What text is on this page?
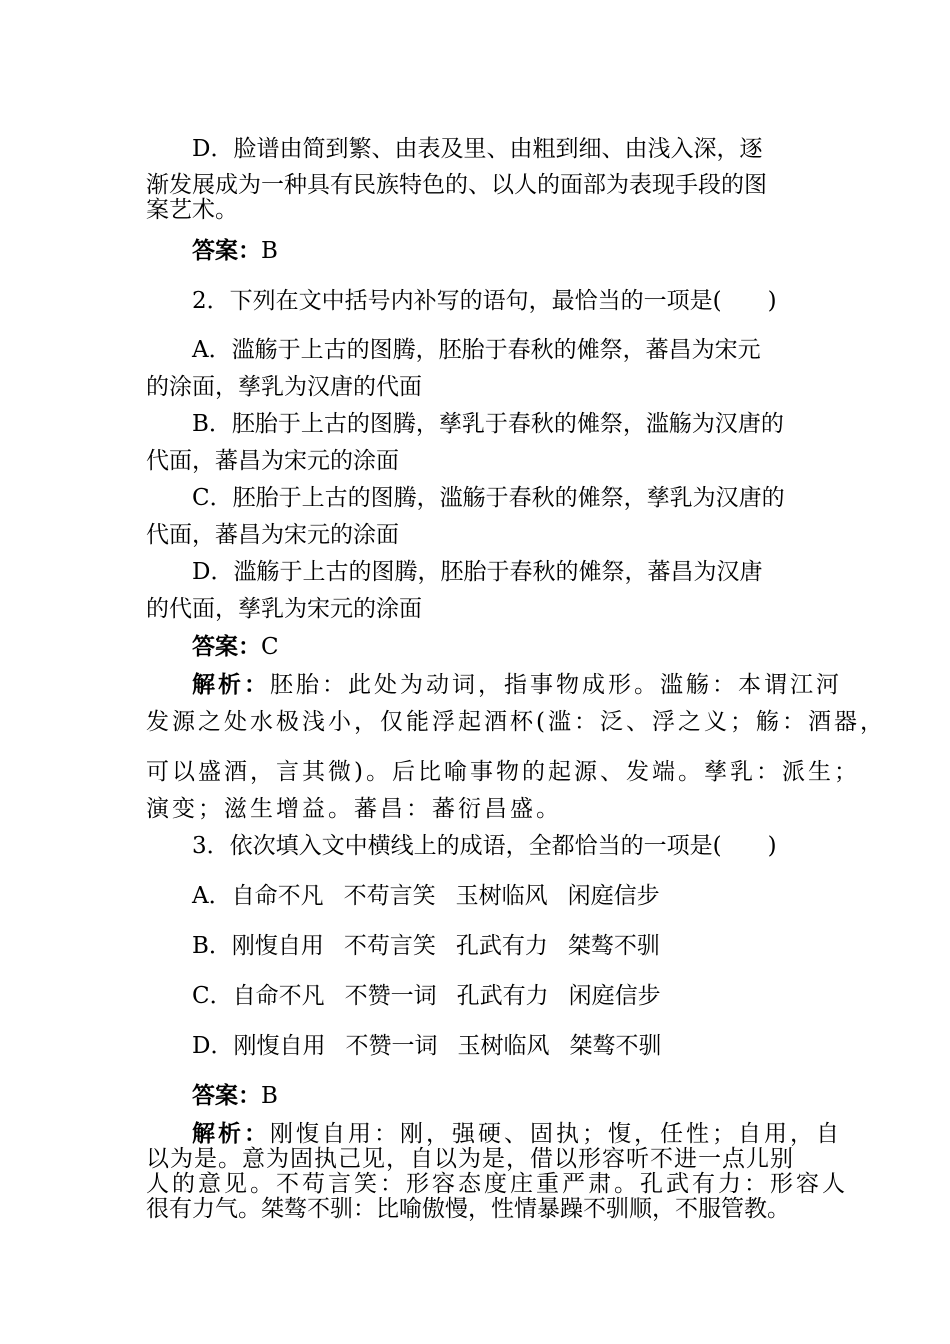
D．脸谱由简到繁、由表及里、由粗到细、由浅入深，逐
渐发展成为一种具有民族特色的、以人的面部为表现手段的图
案艺术。
答案：B
2．下列在文中括号内补写的语句，最恰当的一项是(　　)
A．滥觞于上古的图腾，胚胎于春秋的傩祭，蕃昌为宋元
的涂面，孳乳为汉唐的代面
B．胚胎于上古的图腾，孳乳于春秋的傩祭，滥觞为汉唐的
代面，蕃昌为宋元的涂面
C．胚胎于上古的图腾，滥觞于春秋的傩祭，孳乳为汉唐的
代面，蕃昌为宋元的涂面
D．滥觞于上古的图腾，胚胎于春秋的傩祭，蕃昌为汉唐
的代面，孳乳为宋元的涂面
答案：C
解析：胚胎：此处为动词，指事物成形。滥觞：本谓江河
发源之处水极浅小，仅能浮起酒杯(滥：泛、浮之义；觞：酒器，
可以盛酒，言其微)。后比喻事物的起源、发端。孳乳：派生；
演变；滋生增益。蕃昌：蕃衍昌盛。
3．依次填入文中横线上的成语，全都恰当的一项是(　　)
A．自命不凡 不苟言笑 玉树临风 闲庭信步
B．刚愎自用 不苟言笑 孔武有力 桀骜不驯
C．自命不凡 不赞一词 孔武有力 闲庭信步
D．刚愎自用 不赞一词 玉树临风 桀骜不驯
答案：B
解析：刚愎自用：刚，强硬、固执；愎，任性；自用，自
以为是。意为固执己见，自以为是，借以形容听不进一点儿别
人的意见。不苟言笑：形容态度庄重严肃。孔武有力：形容人
很有力气。桀骜不驯：比喻傲慢，性情暴躁不驯顺，不服管教。
